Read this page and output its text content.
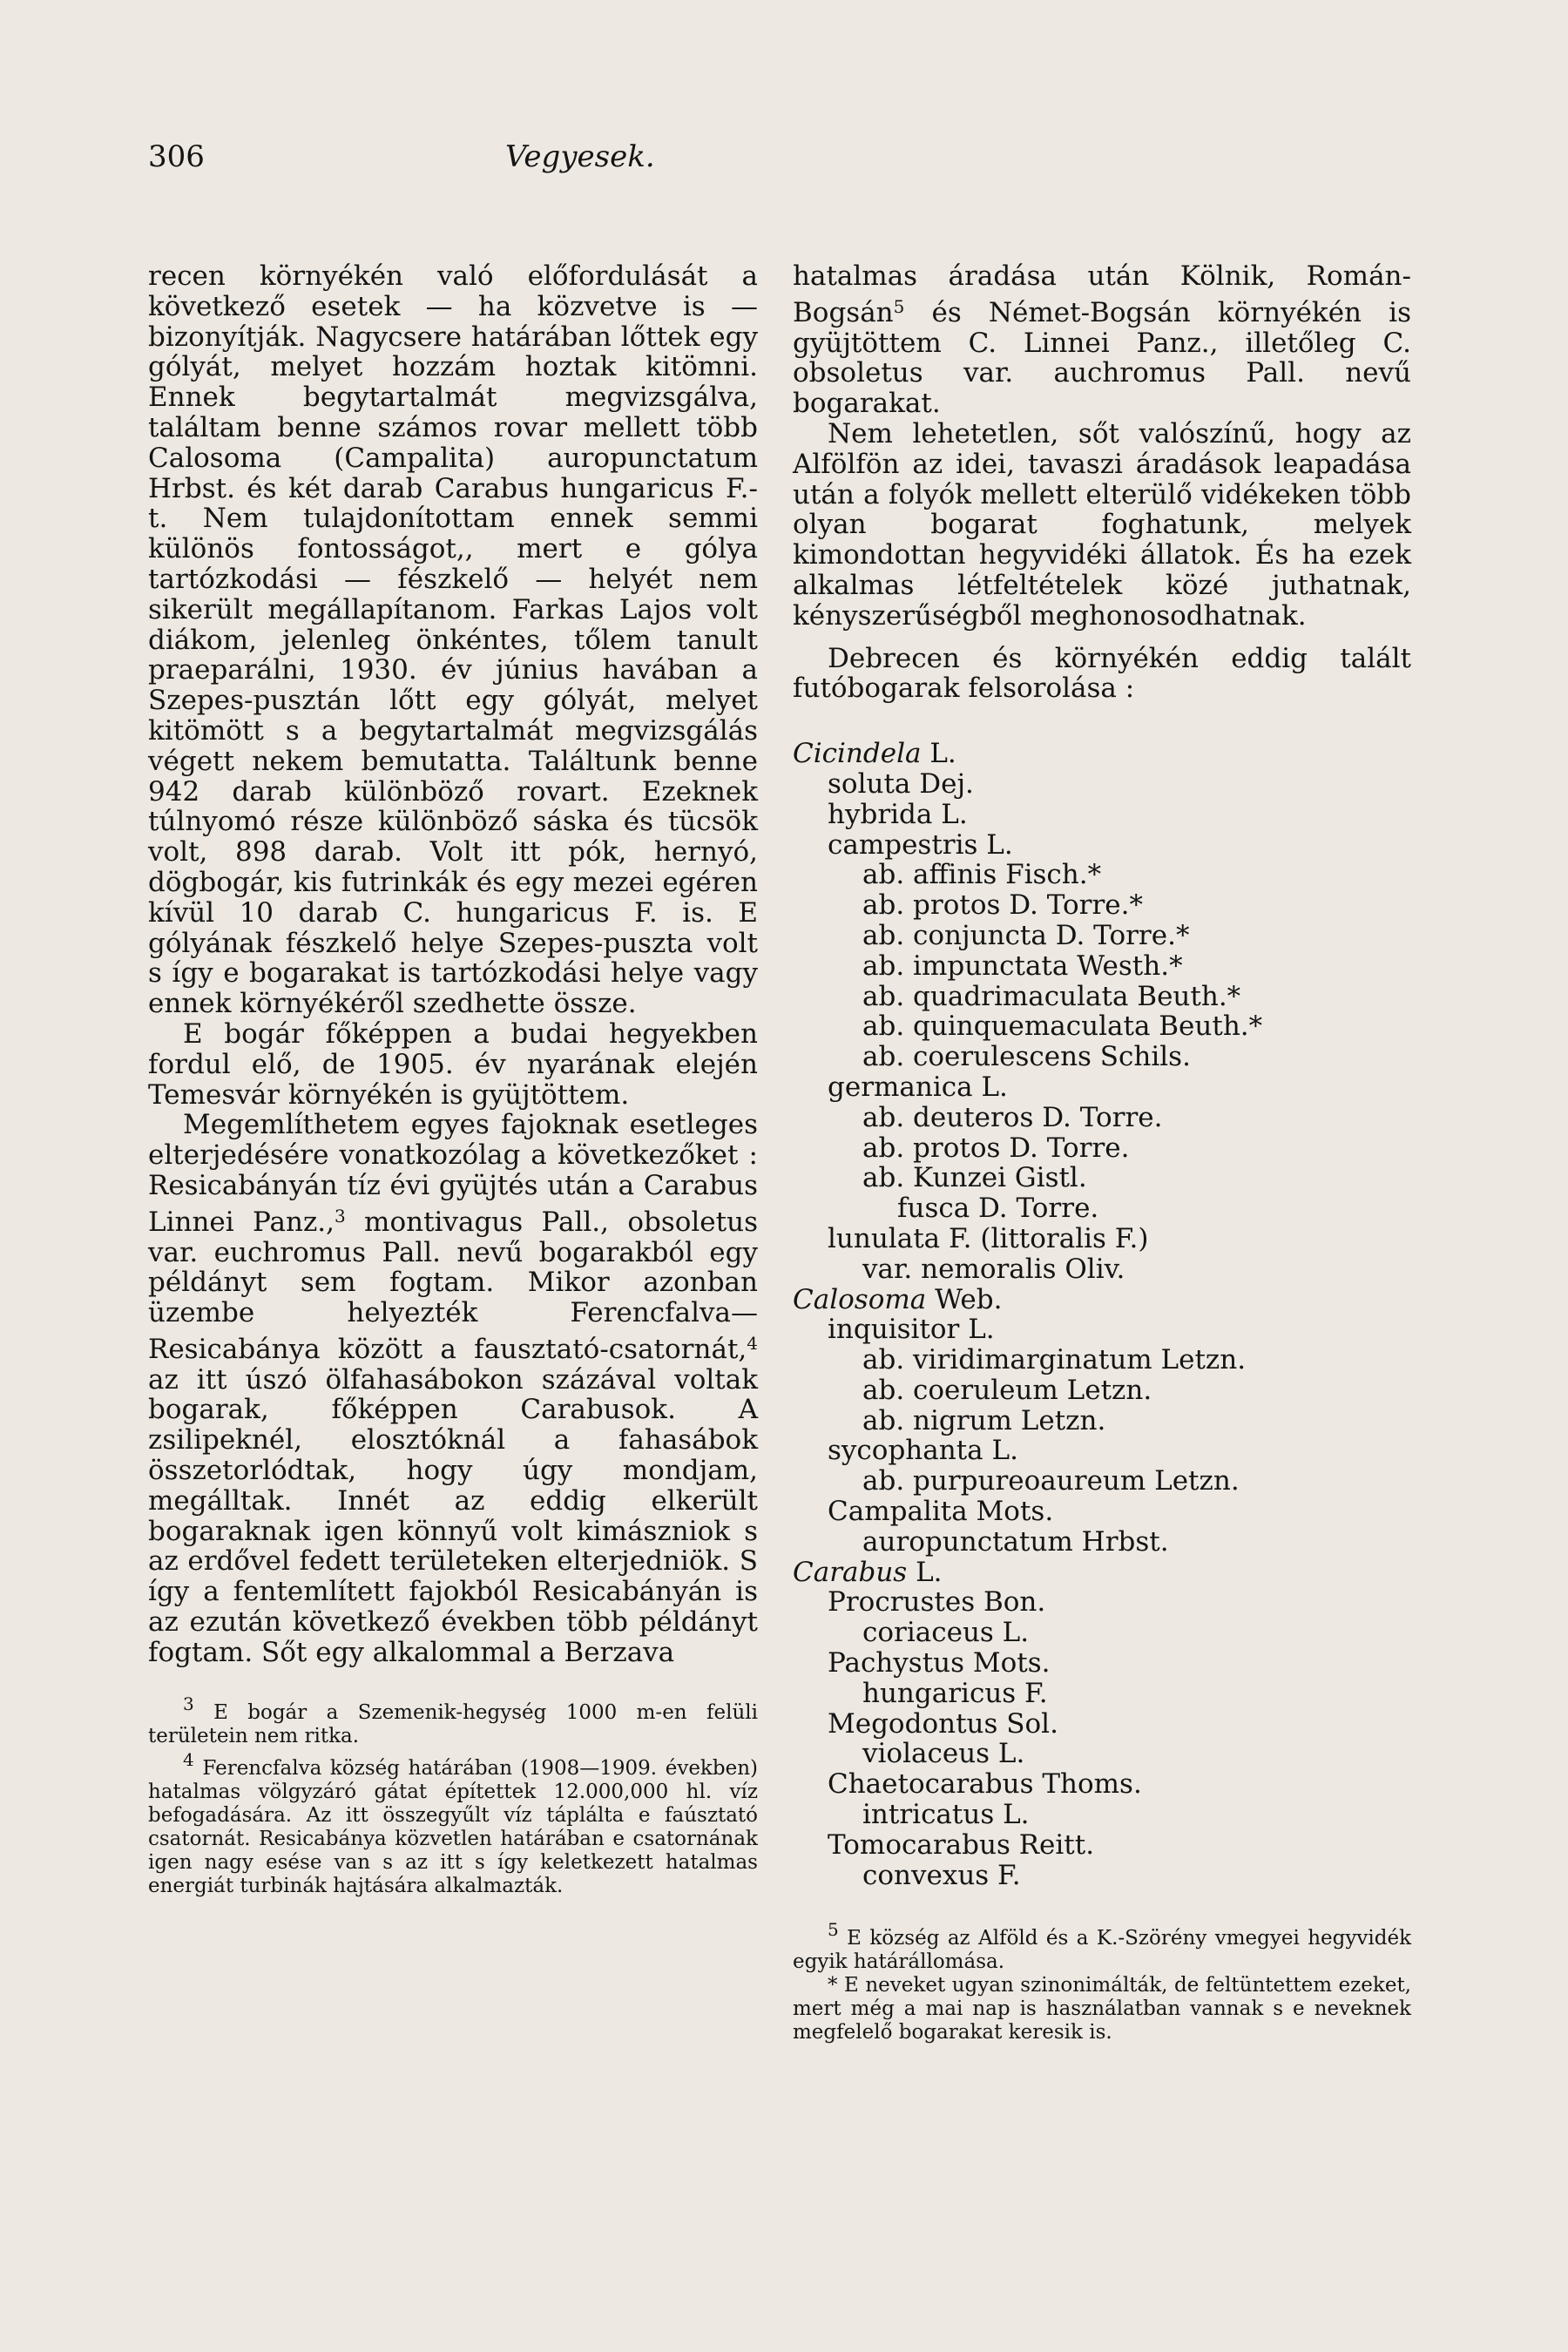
306	Vegyesek.

recen környékén való előfordulását a következő esetek — ha közvetve is — bizonyítják. Nagycsere határában lőttek egy gólyát, melyet hozzám hoztak kitömni. Ennek begytartalmát megvizsgálva, találtam benne számos rovar mellett több Calosoma (Campalita) auropunctatum Hrbst. és két darab Carabus hungaricus F.-t. Nem tulajdonítottam ennek semmi különös fontosságot,, mert e gólya tartózkodási — fészkelő — helyét nem sikerült megállapítanom. Farkas Lajos volt diákom, jelenleg önkéntes, tőlem tanult praeparálni, 1930. év június havában a Szepes-pusztán lőtt egy gólyát, melyet kitömött s a begytartalmát megvizsgálás végett nekem bemutatta. Találtunk benne 942 darab különböző rovart. Ezeknek túlnyomó része különböző sáska és tücsök volt, 898 darab. Volt itt pók, hernyó, dögbogár, kis futrinkák és egy mezei egéren kívül 10 darab C. hungaricus F. is. E gólyának fészkelő helye Szepes-puszta volt s így e bogarakat is tartózkodási helye vagy ennek környékéről szedhette össze.

E bogár főképpen a budai hegyekben fordul elő, de 1905. év nyarának elején Temesvár környékén is gyüjtöttem.

Megemlíthetem egyes fajoknak esetleges elterjedésére vonatkozólag a következőket : Resicabányán tíz évi gyüjtés után a Carabus Linnei Panz.,$^3$ montivagus Pall., obsoletus var. euchromus Pall. nevű bogarakból egy példányt sem fogtam. Mikor azonban üzembe helyezték Ferencfalva—Resicabánya között a fausztató-csatornát,$^4$ az itt úszó ölfahasábokon százával voltak bogarak, főképpen Carabusok. A zsilipeknél, elosztóknál a fahasábok összetorlódtak, hogy úgy mondjam, megálltak. Innét az eddig elkerült bogaraknak igen könnyű volt kimászniok s az erdővel fedett területeken elterjedniök. S így a fentemlített fajokból Resicabányán is az ezután következő években több példányt fogtam. Sőt egy alkalommal a Berzava

3 E bogár a Szemenik-hegység 1000 m-en felüli területein nem ritka.

4 Ferencfalva község határában (1908—1909. években) hatalmas völgyzáró gátat építettek 12.000,000 hl. víz befogadására. Az itt összegyűlt víz táplálta e faúsztató csatornát. Resicabánya közvetlen határában e csatornának igen nagy esése van s az itt s így keletkezett hatalmas energiát turbinák hajtására alkalmazták.

hatalmas áradása után Kölnik, Román-Bogsán$^5$ és Német-Bogsán környékén is gyüjtöttem C. Linnei Panz., illetőleg C. obsoletus var. auchromus Pall. nevű bogarakat.

Nem lehetetlen, sőt valószínű, hogy az Alfölfön az idei, tavaszi áradások leapadása után a folyók mellett elterülő vidékeken több olyan bogarat foghatunk, melyek kimondottan hegyvidéki állatok. És ha ezek alkalmas létfeltételek közé juthatnak, kényszerűségből meghonosodhatnak.

Debrecen és környékén eddig talált futóbogarak felsorolása :

Cicindela L.
soluta Dej.
hybrida L.
campestris L.
ab. affinis Fisch.*
ab. protos D. Torre.*
ab. conjuncta D. Torre.*
ab. impunctata Westh.*
ab. quadrimaculata Beuth.*
ab. quinquemaculata Beuth.*
ab. coerulescens Schils.
germanica L.
ab. deuteros D. Torre.
ab. protos D. Torre.
ab. Kunzei Gistl.
fusca D. Torre.
lunulata F. (littoralis F.)
var. nemoralis Oliv.
Calosoma Web.
inquisitor L.
ab. viridimarginatum Letzn.
ab. coeruleum Letzn.
ab. nigrum Letzn.
sycophanta L.
ab. purpureoaureum Letzn.
Campalita Mots.
auropunctatum Hrbst.
Carabus L.
Procrustes Bon.
coriaceus L.
Pachystus Mots.
hungaricus F.
Megodontus Sol.
violaceus L.
Chaetocarabus Thoms.
intricatus L.
Tomocarabus Reitt.
convexus F.

5 E község az Alföld és a K.-Szörény vmegyei hegyvidék egyik határállomása.

* E neveket ugyan szinonimálták, de feltüntettem ezeket, mert még a mai nap is használatban vannak s e neveknek megfelelő bogarakat keresik is.
